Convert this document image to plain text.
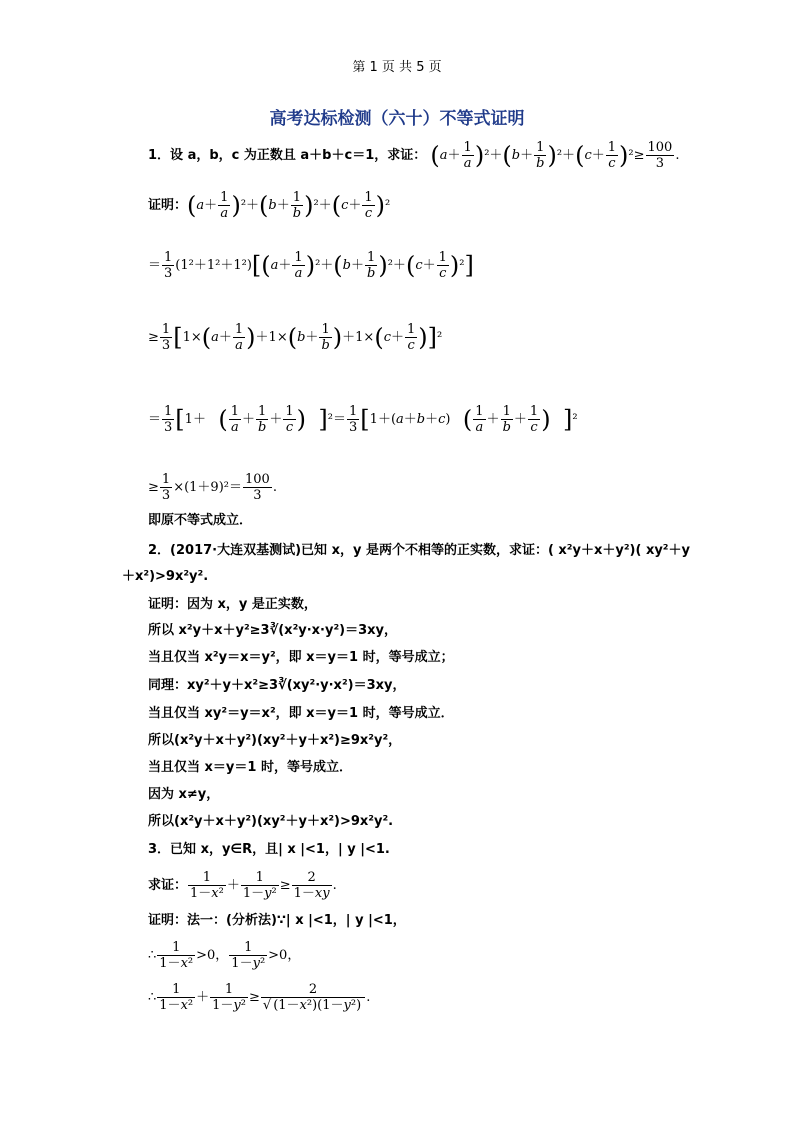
第 1 页 共 5 页
高考达标检测（六十）不等式证明
1．设 a，b，c 为正数且 a＋b＋c＝1，求证： $(a+ \frac{1}{a} )^2+(b+ \frac{1}{b} )^2+(c+ \frac{1}{c} )^2\ge \frac{100}{3}$ .
证明：$(a+ \frac{1}{a} )^2+(b+ \frac{1}{b} )^2+(c+ \frac{1}{c} )^2$
＝ $\frac{1}{3} (1^2+1^2+1^2)[(a+ \frac{1}{a} )^2+(b+ \frac{1}{b} )^2+(c+ \frac{1}{c} )^2]$
≥ $\frac{1}{3} [1\times(a+ \frac{1}{a} )+1\times(b+ \frac{1}{b} )+1\times(c+ \frac{1}{c} )]^2$
＝ $\frac{1}{3} [1+$   ( $\frac{1}{a} + \frac{1}{b} + \frac{1}{c}$ ) ]$^2= \frac{1}{3} [1+(a+b+c)$   ( $\frac{1}{a} + \frac{1}{b} + \frac{1}{c}$ ) ]²
≥ $\frac{1}{3} \times(1+9)^2= \frac{100}{3}$ .
即原不等式成立．
2．(2017·大连双基测试)已知 x，y 是两个不相等的正实数，求证：( x²y＋x＋y²)( xy²＋y
＋x²)>9x²y².
证明：因为 x，y 是正实数，
所以 x²y＋x＋y²≥3∛(x²y·x·y²)＝3xy，
当且仅当 x²y＝x＝y²，即 x＝y＝1 时，等号成立；
同理：xy²＋y＋x²≥3∛(xy²·y·x²)＝3xy，
当且仅当 xy²＝y＝x²，即 x＝y＝1 时，等号成立．
所以(x²y＋x＋y²)(xy²＋y＋x²)≥9x²y²，
当且仅当 x＝y＝1 时，等号成立．
因为 x≠y，
所以(x²y＋x＋y²)(xy²＋y＋x²)>9x²y².
3．已知 x，y∈R，且| x |<1，| y |<1.
求证： $\frac{1}{\text{1－x²}} + \frac{1}{\text{1－y²}} \ge \frac{2}{1-xy}$ .
证明：法一：(分析法)∵| x |<1，| y |<1，
∴ $\frac{1}{\text{1－x²}} >0$， $\frac{1}{\text{1－y²}} >0$，
∴ $\frac{1}{\text{1－x²}} + \frac{1}{\text{1－y²}} \ge \frac{2}{\text{√ (1－x²)(1－y²)}}$ .
